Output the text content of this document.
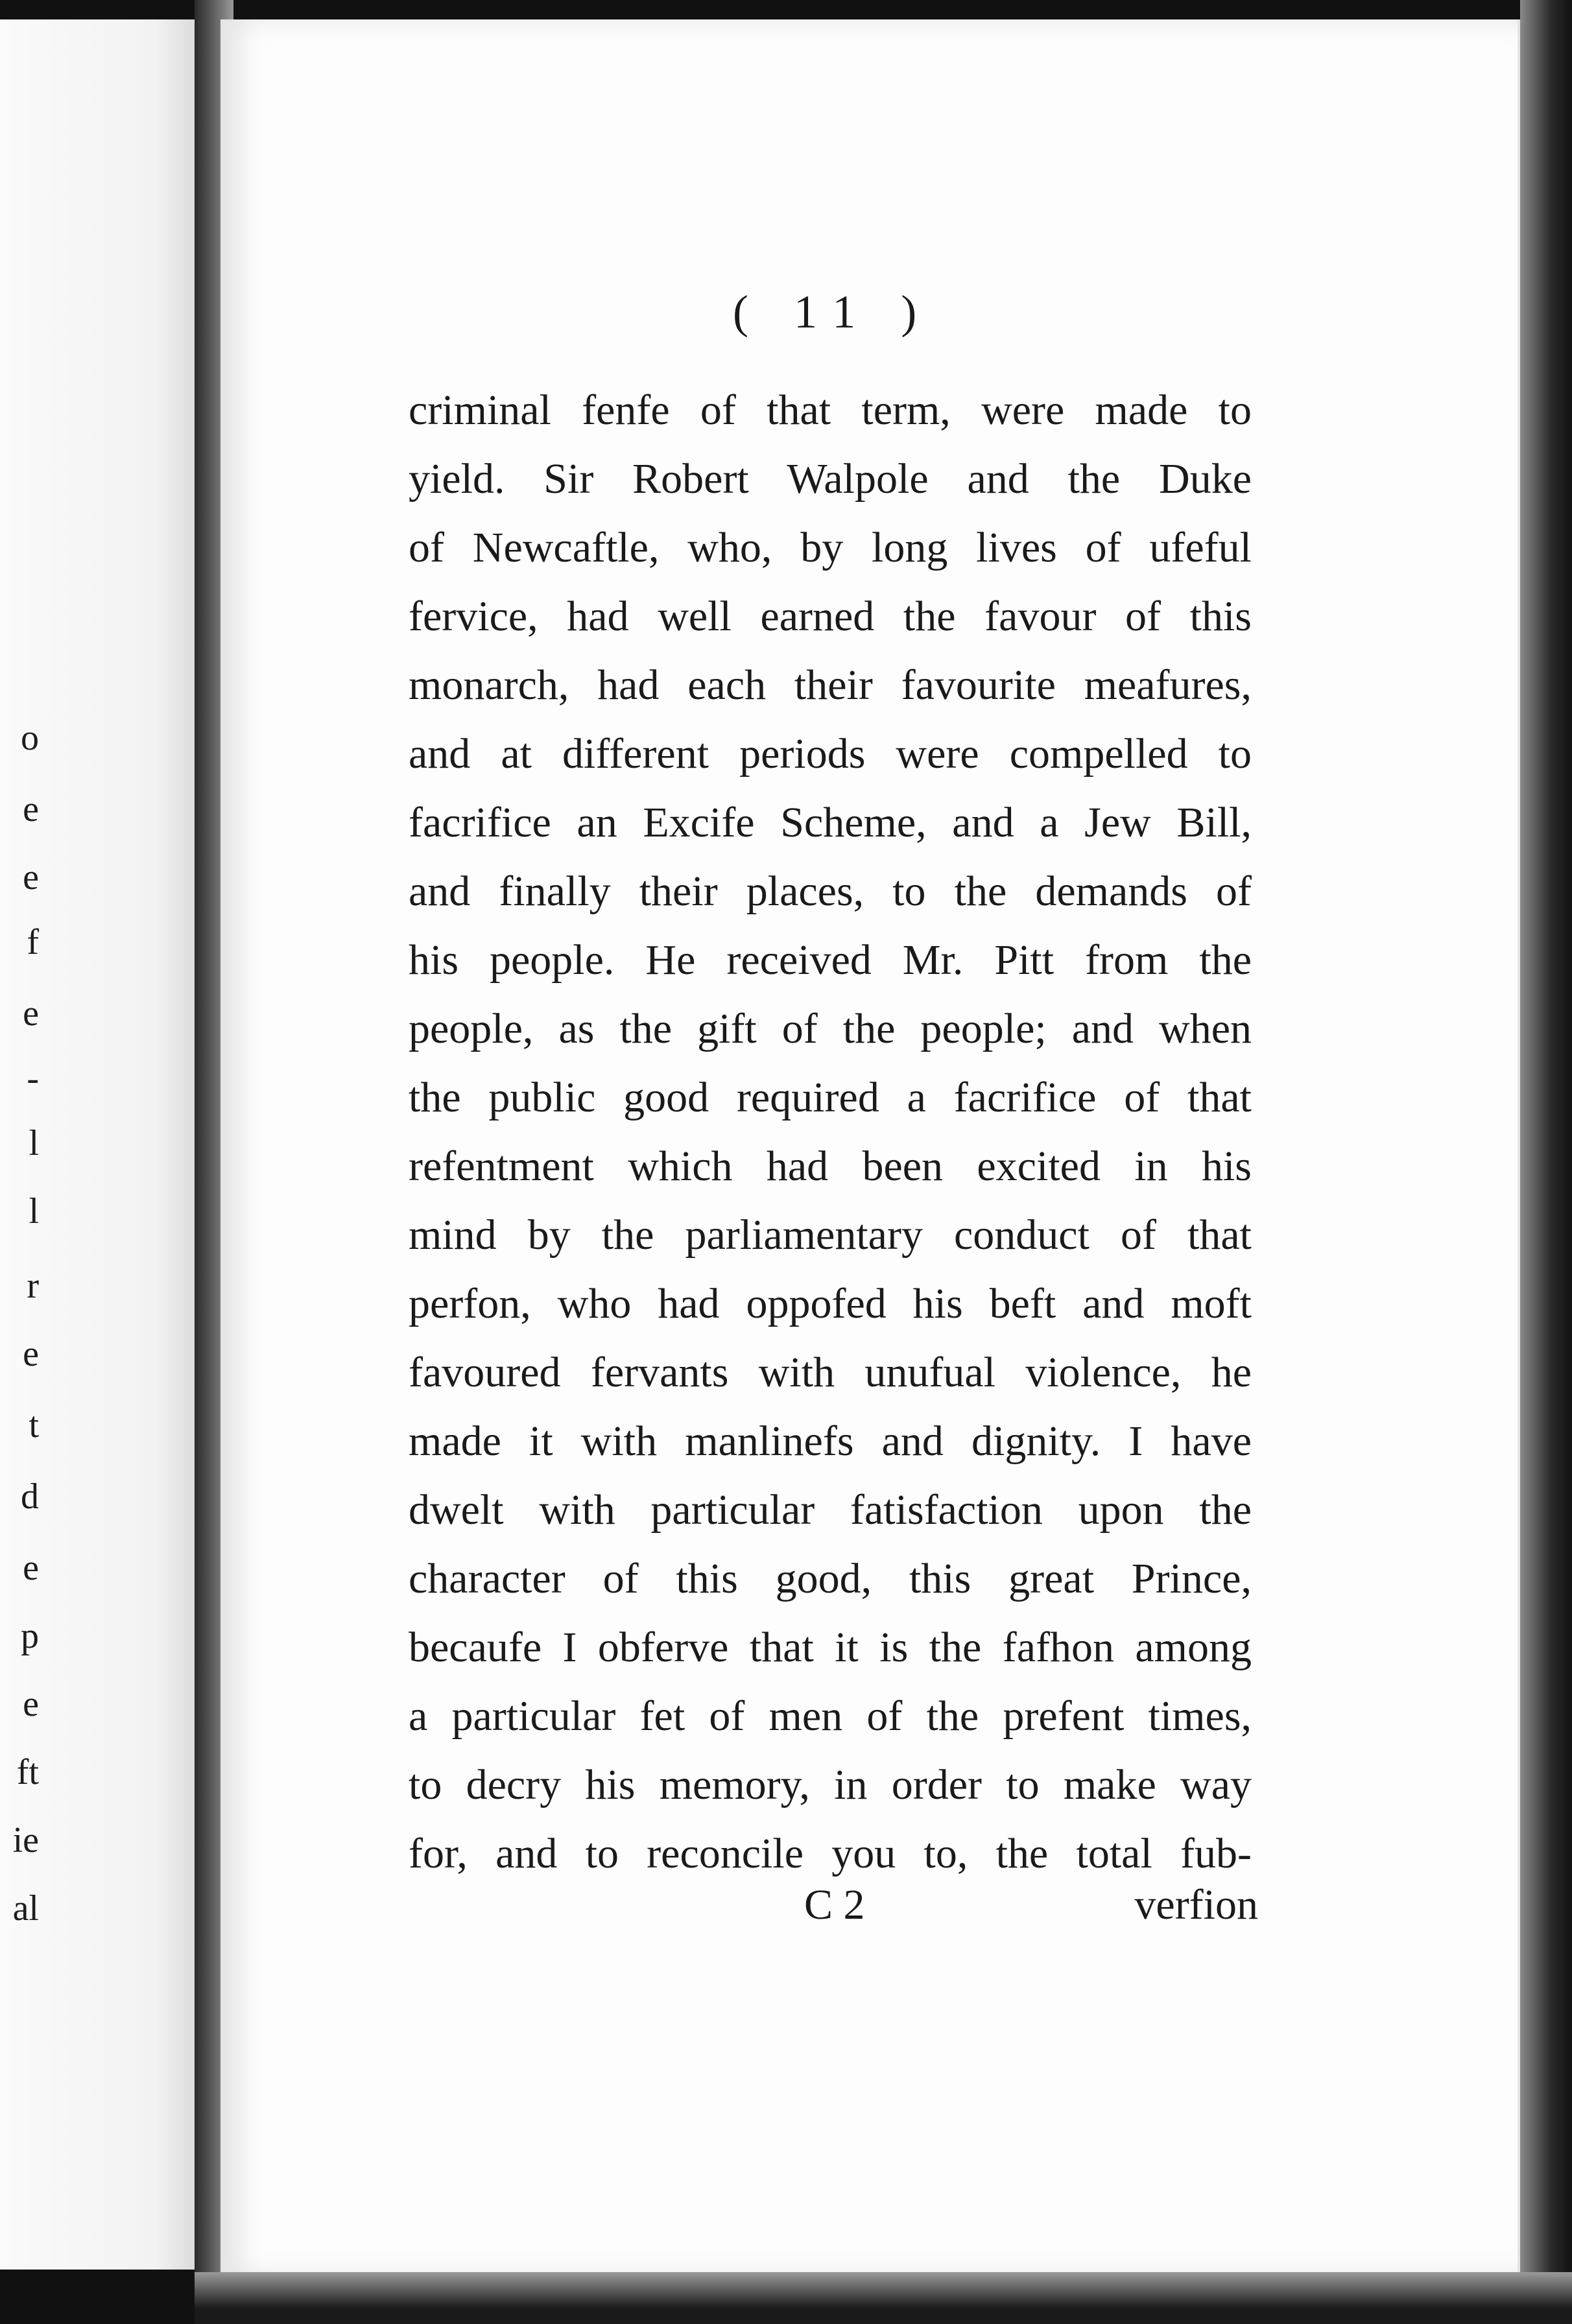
o
e
e
f
e
-
l
l
r
e
t
d
e
p
e
ft
ie
al
( 11 )
criminal fenfe of that term, were made to
yield. Sir Robert Walpole and the Duke
of Newcaftle, who, by long lives of ufeful
fervice, had well earned the favour of this
monarch, had each their favourite meafures,
and at different periods were compelled to
facrifice an Excife Scheme, and a Jew Bill,
and finally their places, to the demands of
his people. He received Mr. Pitt from the
people, as the gift of the people; and when
the public good required a facrifice of that
refentment which had been excited in his
mind by the parliamentary conduct of that
perfon, who had oppofed his beft and moft
favoured fervants with unufual violence, he
made it with manlinefs and dignity. I have
dwelt with particular fatisfaction upon the
character of this good, this great Prince,
becaufe I obferve that it is the fafhon among
a particular fet of men of the prefent times,
to decry his memory, in order to make way
for, and to reconcile you to, the total fub-
C 2	verfion
